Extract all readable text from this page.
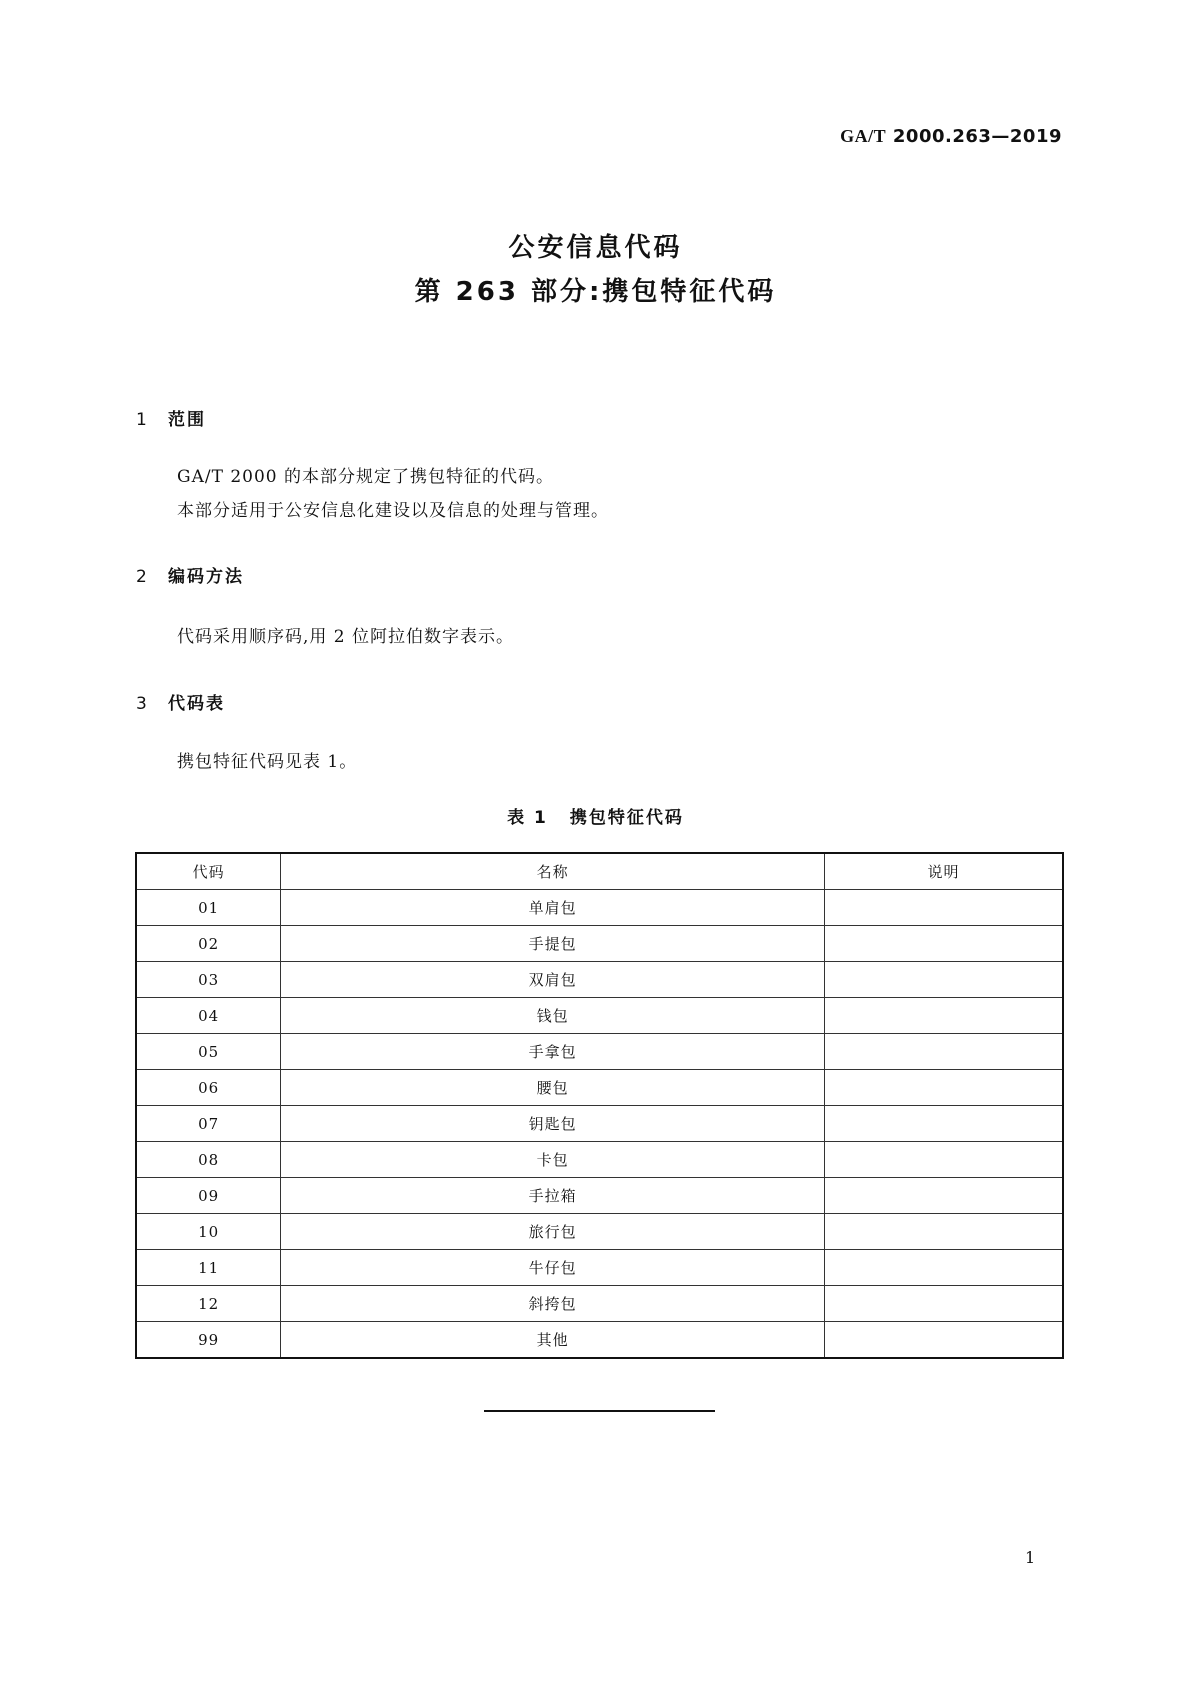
GA/T 2000.263—2019
公安信息代码
第 263 部分:携包特征代码
1 范围
GA/T 2000 的本部分规定了携包特征的代码。
本部分适用于公安信息化建设以及信息的处理与管理。
2 编码方法
代码采用顺序码,用 2 位阿拉伯数字表示。
3 代码表
携包特征代码见表 1。
表 1 携包特征代码
代码	名称	说明
01	单肩包	
02	手提包	
03	双肩包	
04	钱包	
05	手拿包	
06	腰包	
07	钥匙包	
08	卡包	
09	手拉箱	
10	旅行包	
11	牛仔包	
12	斜挎包	
99	其他	
1
